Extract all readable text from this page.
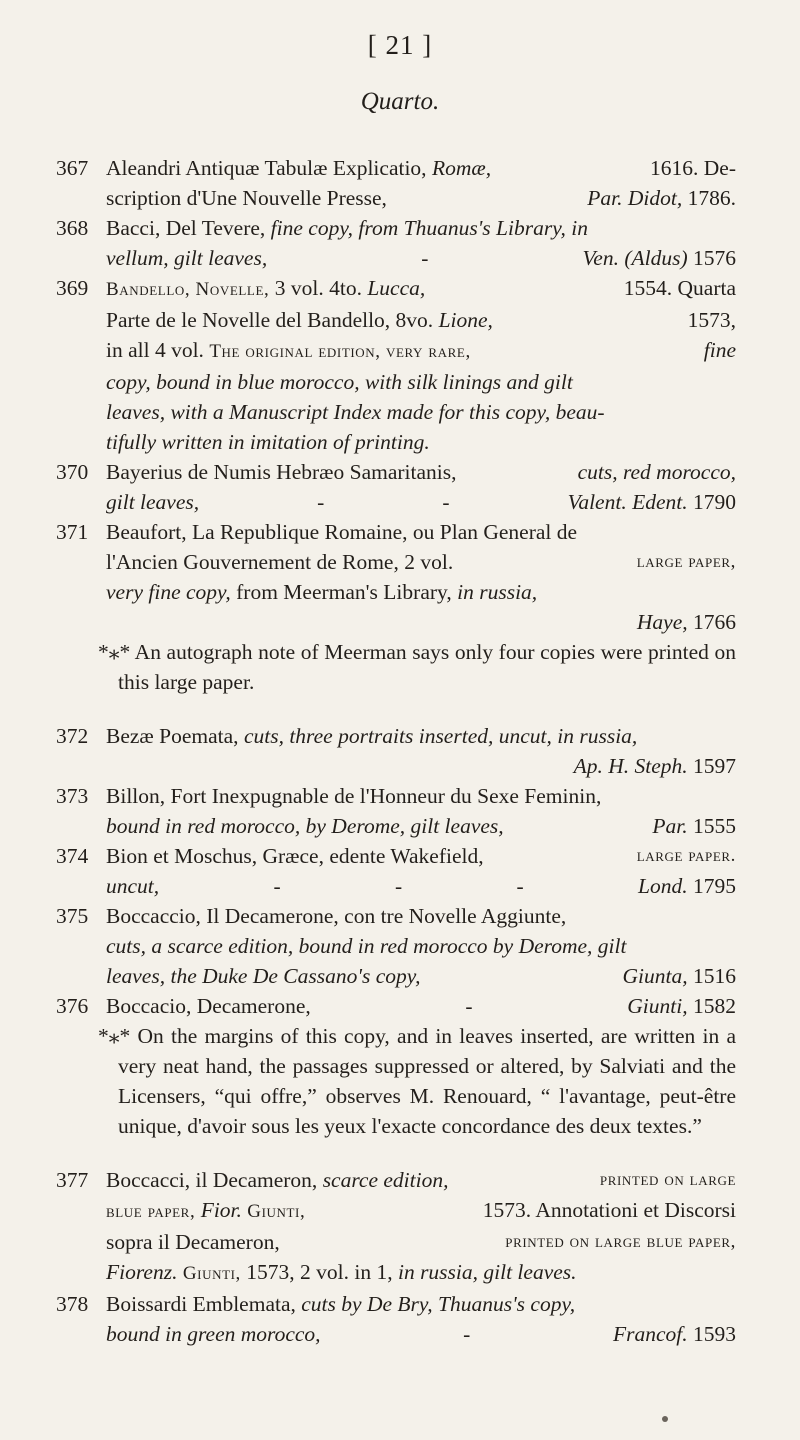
[ 21 ]
Quarto.
367 Aleandri Antiquæ Tabulæ Explicatio, Romæ,	1616. De-
scription d'Une Nouvelle Presse,	Par. Didot, 1786.
368 Bacci, Del Tevere, fine copy, from Thuanus's Library, in
vellum, gilt leaves,	-	Ven. (Aldus) 1576
369 Bandello, Novelle, 3 vol. 4to. Lucca,	1554. Quarta
Parte de le Novelle del Bandello, 8vo. Lione,	1573,
in all 4 vol. The original edition, very rare,	fine
copy, bound in blue morocco, with silk linings and gilt
leaves, with a Manuscript Index made for this copy, beau-
tifully written in imitation of printing.
370 Bayerius de Numis Hebræo Samaritanis,	cuts, red morocco,
gilt leaves,	-	-	Valent. Edent. 1790
371 Beaufort, La Republique Romaine, ou Plan General de
l'Ancien Gouvernement de Rome, 2 vol.	large paper,
very fine copy, from Meerman's Library, in russia,
Haye, 1766
*⁎* An autograph note of Meerman says only four copies were printed on this large paper.
372 Bezæ Poemata, cuts, three portraits inserted, uncut, in russia,
Ap. H. Steph. 1597
373 Billon, Fort Inexpugnable de l'Honneur du Sexe Feminin,
bound in red morocco, by Derome, gilt leaves,	Par. 1555
374 Bion et Moschus, Græce, edente Wakefield,	large paper.
uncut,	-	-	-	Lond. 1795
375 Boccaccio, Il Decamerone, con tre Novelle Aggiunte,
cuts, a scarce edition, bound in red morocco by Derome, gilt
leaves, the Duke De Cassano's copy,	Giunta, 1516
376 Boccacio, Decamerone,	-	Giunti, 1582
*⁎* On the margins of this copy, and in leaves inserted, are written in a very neat hand, the passages suppressed or altered, by Salviati and the Licensers, “qui offre,” observes M. Renouard, “ l'avantage, peut-être unique, d'avoir sous les yeux l'exacte concordance des deux textes.”
377 Boccacci, il Decameron, scarce edition,	printed on large
blue paper, Fior. Giunti,	1573. Annotationi et Discorsi
sopra il Decameron,	printed on large blue paper,
Fiorenz. Giunti, 1573, 2 vol. in 1, in russia, gilt leaves.
378 Boissardi Emblemata, cuts by De Bry, Thuanus's copy,
bound in green morocco,	-	Francof. 1593
